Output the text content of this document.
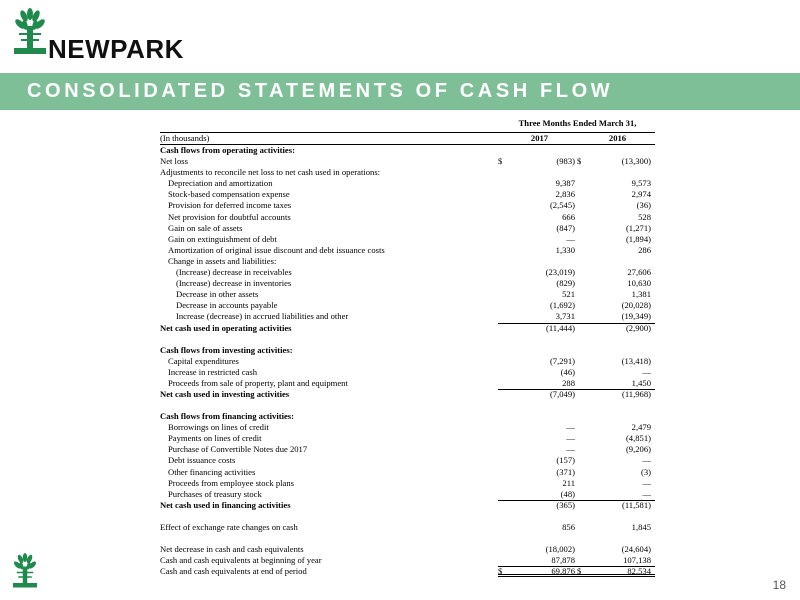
NEWPARK
CONSOLIDATED STATEMENTS OF CASH FLOW
Three Months Ended March 31,
(In thousands)	2017	2016
Cash flows from operating activities:
Net loss	$	(983) $	(13,300)
Adjustments to reconcile net loss to net cash used in operations:
Depreciation and amortization	9,387	9,573
Stock-based compensation expense	2,836	2,974
Provision for deferred income taxes	(2,545)	(36)
Net provision for doubtful accounts	666	528
Gain on sale of assets	(847)	(1,271)
Gain on extinguishment of debt	—	(1,894)
Amortization of original issue discount and debt issuance costs	1,330	286
Change in assets and liabilities:
(Increase) decrease in receivables	(23,019)	27,606
(Increase) decrease in inventories	(829)	10,630
Decrease in other assets	521	1,381
Decrease in accounts payable	(1,692)	(20,028)
Increase (decrease) in accrued liabilities and other	3,731	(19,349)
Net cash used in operating activities	(11,444)	(2,900)
Cash flows from investing activities:
Capital expenditures	(7,291)	(13,418)
Increase in restricted cash	(46)	—
Proceeds from sale of property, plant and equipment	288	1,450
Net cash used in investing activities	(7,049)	(11,968)
Cash flows from financing activities:
Borrowings on lines of credit	—	2,479
Payments on lines of credit	—	(4,851)
Purchase of Convertible Notes due 2017	—	(9,206)
Debt issuance costs	(157)	—
Other financing activities	(371)	(3)
Proceeds from employee stock plans	211	—
Purchases of treasury stock	(48)	—
Net cash used in financing activities	(365)	(11,581)
Effect of exchange rate changes on cash	856	1,845
Net decrease in cash and cash equivalents	(18,002)	(24,604)
Cash and cash equivalents at beginning of year	87,878	107,138
Cash and cash equivalents at end of period	$	69,876 $	82,534
18
